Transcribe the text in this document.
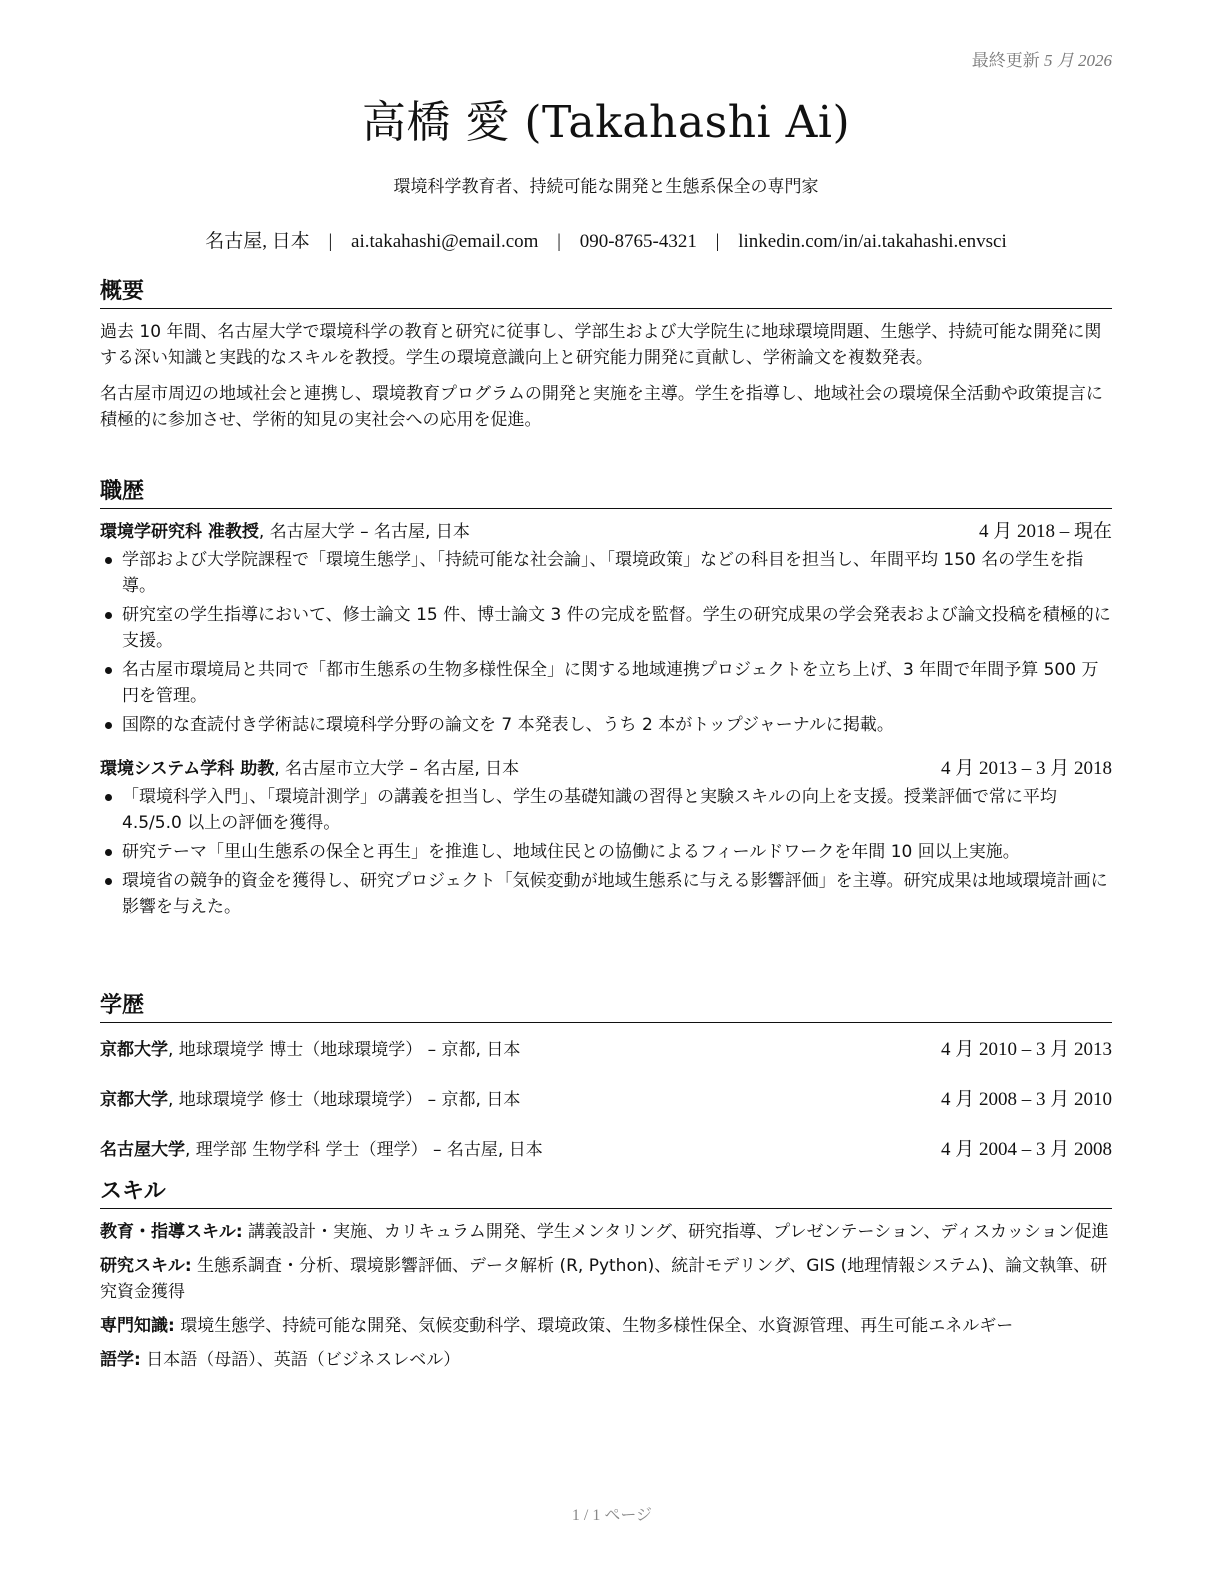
最終更新 5 月 2026
高橋 愛 (Takahashi Ai)
環境科学教育者、持続可能な開発と生態系保全の専門家
名古屋, 日本 | ai.takahashi@email.com | 090-8765-4321 | linkedin.com/in/ai.takahashi.envsci
概要

過去 10 年間、名古屋大学で環境科学の教育と研究に従事し、学部生および大学院生に地球環境問題、生態学、持続可能な開発に関する深い知識と実践的なスキルを教授。学生の環境意識向上と研究能力開発に貢献し、学術論文を複数発表。

名古屋市周辺の地域社会と連携し、環境教育プログラムの開発と実施を主導。学生を指導し、地域社会の環境保全活動や政策提言に積極的に参加させ、学術的知見の実社会への応用を促進。

職歴
環境学研究科 准教授, 名古屋大学 – 名古屋, 日本	4 月 2018 – 現在
学部および大学院課程で「環境生態学」、「持続可能な社会論」、「環境政策」などの科目を担当し、年間平均 150 名の学生を指導。
研究室の学生指導において、修士論文 15 件、博士論文 3 件の完成を監督。学生の研究成果の学会発表および論文投稿を積極的に支援。
名古屋市環境局と共同で「都市生態系の生物多様性保全」に関する地域連携プロジェクトを立ち上げ、3 年間で年間予算 500 万円を管理。
国際的な査読付き学術誌に環境科学分野の論文を 7 本発表し、うち 2 本がトップジャーナルに掲載。
環境システム学科 助教, 名古屋市立大学 – 名古屋, 日本	4 月 2013 – 3 月 2018
「環境科学入門」、「環境計測学」の講義を担当し、学生の基礎知識の習得と実験スキルの向上を支援。授業評価で常に平均 4.5/5.0 以上の評価を獲得。
研究テーマ「里山生態系の保全と再生」を推進し、地域住民との協働によるフィールドワークを年間 10 回以上実施。
環境省の競争的資金を獲得し、研究プロジェクト「気候変動が地域生態系に与える影響評価」を主導。研究成果は地域環境計画に影響を与えた。
学歴
京都大学, 地球環境学 博士（地球環境学） – 京都, 日本	4 月 2010 – 3 月 2013
京都大学, 地球環境学 修士（地球環境学） – 京都, 日本	4 月 2008 – 3 月 2010
名古屋大学, 理学部 生物学科 学士（理学） – 名古屋, 日本	4 月 2004 – 3 月 2008
スキル
教育・指導スキル: 講義設計・実施、カリキュラム開発、学生メンタリング、研究指導、プレゼンテーション、ディスカッション促進
研究スキル: 生態系調査・分析、環境影響評価、データ解析 (R, Python)、統計モデリング、GIS (地理情報システム)、論文執筆、研究資金獲得
専門知識: 環境生態学、持続可能な開発、気候変動科学、環境政策、生物多様性保全、水資源管理、再生可能エネルギー
語学: 日本語（母語）、英語（ビジネスレベル）
1 / 1 ページ
